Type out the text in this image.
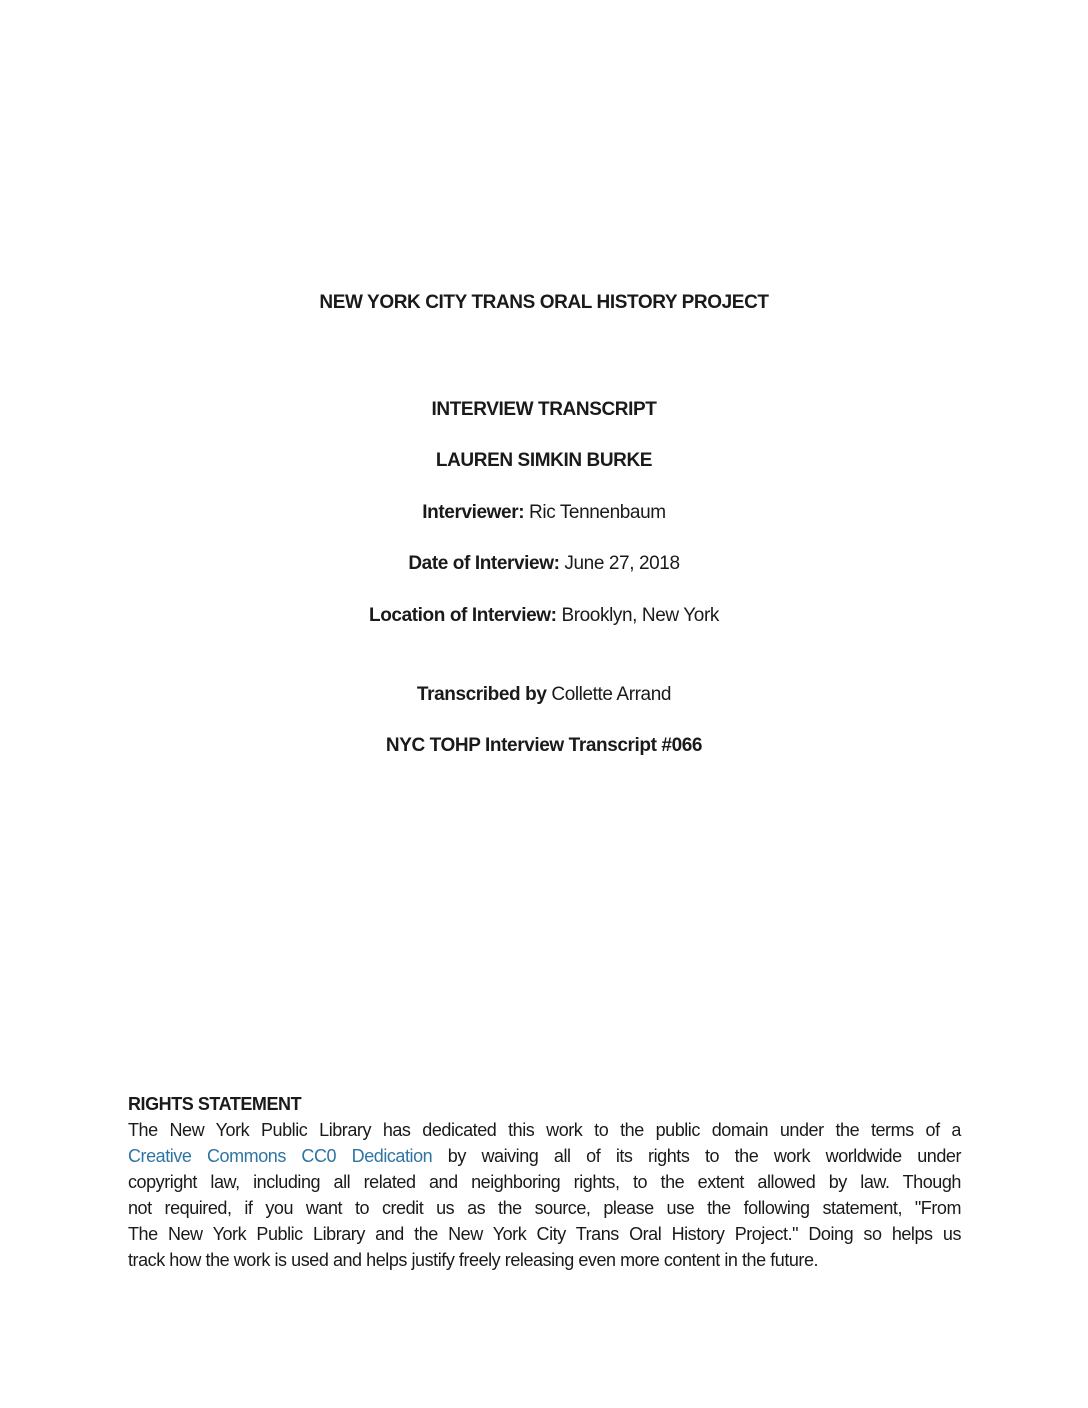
NEW YORK CITY TRANS ORAL HISTORY PROJECT
INTERVIEW TRANSCRIPT
LAUREN SIMKIN BURKE
Interviewer: Ric Tennenbaum
Date of Interview: June 27, 2018
Location of Interview: Brooklyn, New York
Transcribed by Collette Arrand
NYC TOHP Interview Transcript #066
RIGHTS STATEMENT
The New York Public Library has dedicated this work to the public domain under the terms of a
Creative Commons CC0 Dedication by waiving all of its rights to the work worldwide under
copyright law, including all related and neighboring rights, to the extent allowed by law. Though
not required, if you want to credit us as the source, please use the following statement, "From
The New York Public Library and the New York City Trans Oral History Project." Doing so helps us
track how the work is used and helps justify freely releasing even more content in the future.
